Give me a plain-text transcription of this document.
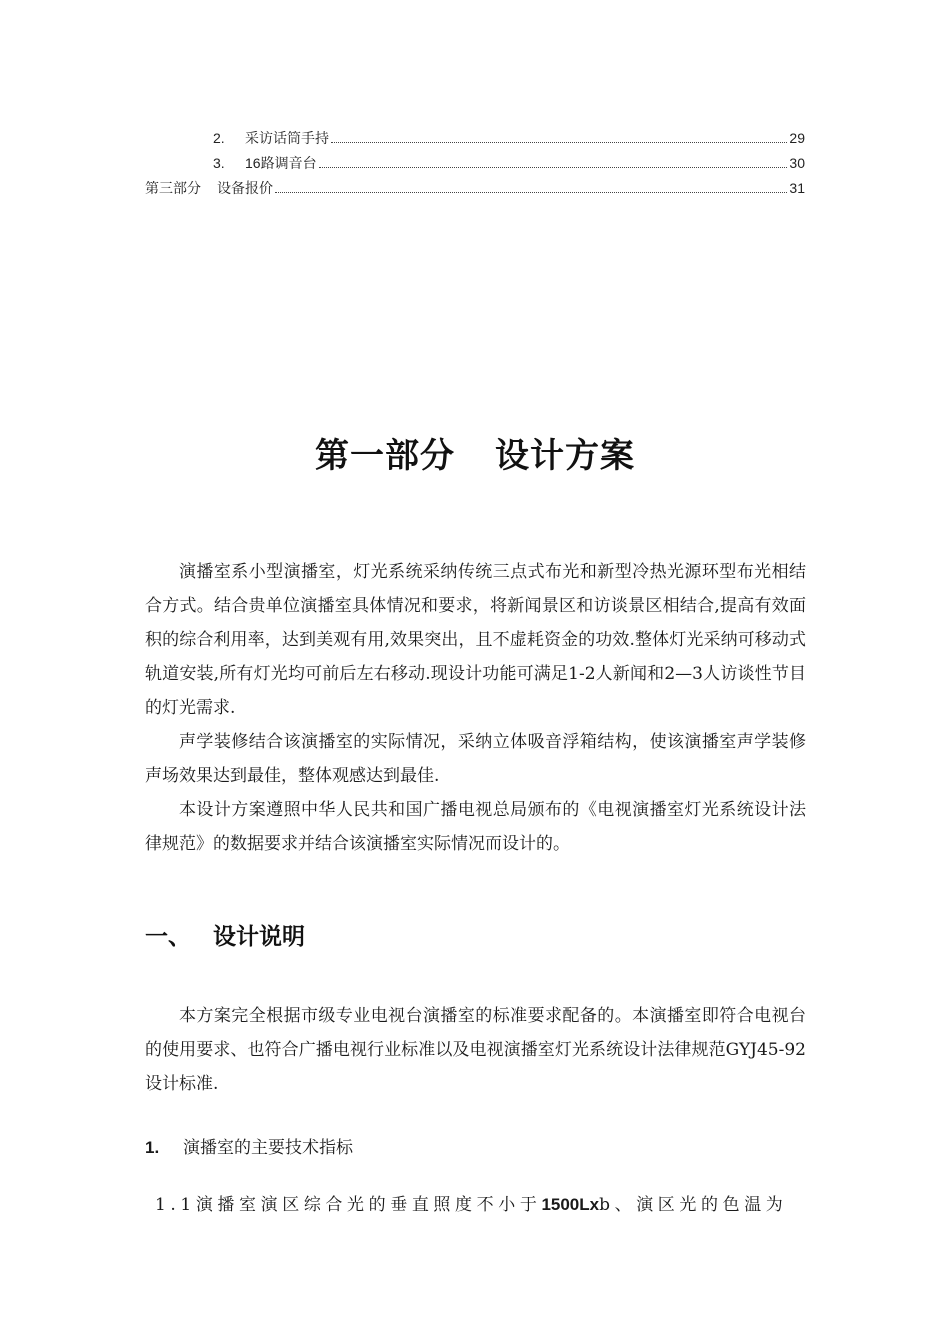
2.	采访话筒手持	29
3.	16路调音台	30
第三部分 设备报价	31
第一部分 设计方案

演播室系小型演播室，灯光系统采纳传统三点式布光和新型冷热光源环型布光相结合方式。结合贵单位演播室具体情况和要求，将新闻景区和访谈景区相结合,提高有效面积的综合利用率，达到美观有用,效果突出，且不虚耗资金的功效.整体灯光采纳可移动式轨道安装,所有灯光均可前后左右移动.现设计功能可满足1-2人新闻和2—3人访谈性节目的灯光需求.

声学装修结合该演播室的实际情况，采纳立体吸音浮箱结构，使该演播室声学装修声场效果达到最佳，整体观感达到最佳.

本设计方案遵照中华人民共和国广播电视总局颁布的《电视演播室灯光系统设计法律规范》的数据要求并结合该演播室实际情况而设计的。

一、 设计说明

本方案完全根据市级专业电视台演播室的标准要求配备的。本演播室即符合电视台的使用要求、也符合广播电视行业标准以及电视演播室灯光系统设计法律规范GYJ45-92设计标准.

1. 演播室的主要技术指标
1.1演播室演区综合光的垂直照度不小于1500Lxb、演区光的色温为
